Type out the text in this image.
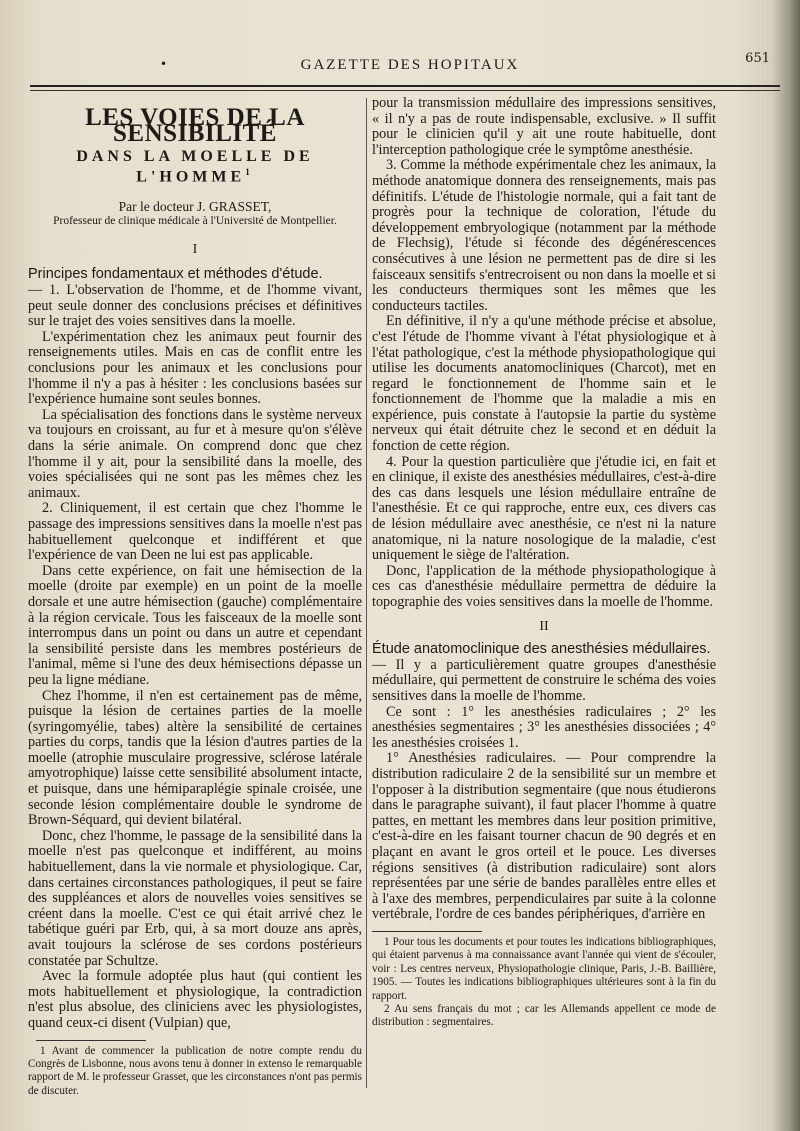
•	GAZETTE DES HOPITAUX	651
LES VOIES DE LA SENSIBILITÉ
DANS LA MOELLE DE L'HOMME$^1$
Par le docteur J. GRASSET,
Professeur de clinique médicale à l'Université de Montpellier.
I

Principes fondamentaux et méthodes d'étude.

— 1. L'observation de l'homme, et de l'homme vivant, peut seule donner des conclusions précises et définitives sur le trajet des voies sensitives dans la moelle.

L'expérimentation chez les animaux peut fournir des renseignements utiles. Mais en cas de conflit entre les conclusions pour les animaux et les conclusions pour l'homme il n'y a pas à hésiter : les conclusions basées sur l'expérience humaine sont seules bonnes.

La spécialisation des fonctions dans le système nerveux va toujours en croissant, au fur et à mesure qu'on s'élève dans la série animale. On comprend donc que chez l'homme il y ait, pour la sensibilité dans la moelle, des voies spécialisées qui ne sont pas les mêmes chez les animaux.

2. Cliniquement, il est certain que chez l'homme le passage des impressions sensitives dans la moelle n'est pas habituellement quelconque et indifférent et que l'expérience de van Deen ne lui est pas applicable.

Dans cette expérience, on fait une hémisection de la moelle (droite par exemple) en un point de la moelle dorsale et une autre hémisection (gauche) complémentaire à la région cervicale. Tous les faisceaux de la moelle sont interrompus dans un point ou dans un autre et cependant la sensibilité persiste dans les membres postérieurs de l'animal, même si l'une des deux hémisections dépasse un peu la ligne médiane.

Chez l'homme, il n'en est certainement pas de même, puisque la lésion de certaines parties de la moelle (syringomyélie, tabes) altère la sensibilité de certaines parties du corps, tandis que la lésion d'autres parties de la moelle (atrophie musculaire progressive, sclérose latérale amyotrophique) laisse cette sensibilité absolument intacte, et puisque, dans une hémiparaplégie spinale croisée, une seconde lésion complémentaire double le syndrome de Brown-Séquard, qui devient bilatéral.

Donc, chez l'homme, le passage de la sensibilité dans la moelle n'est pas quelconque et indifférent, au moins habituellement, dans la vie normale et physiologique. Car, dans certaines circonstances pathologiques, il peut se faire des suppléances et alors de nouvelles voies sensitives se créent dans la moelle. C'est ce qui était arrivé chez le tabétique guéri par Erb, qui, à sa mort douze ans après, avait toujours la sclérose de ses cordons postérieurs constatée par Schultze.

Avec la formule adoptée plus haut (qui contient les mots habituellement et physiologique, la contradiction n'est plus absolue, des cliniciens avec les physiologistes, quand ceux-ci disent (Vulpian) que,

1 Avant de commencer la publication de notre compte rendu du Congrès de Lisbonne, nous avons tenu à donner in extenso le remarquable rapport de M. le professeur Grasset, que les circonstances n'ont pas permis de discuter.

pour la transmission médullaire des impressions sensitives, « il n'y a pas de route indispensable, exclusive. » Il suffit pour le clinicien qu'il y ait une route habituelle, dont l'interception pathologique crée le symptôme anesthésie.

3. Comme la méthode expérimentale chez les animaux, la méthode anatomique donnera des renseignements, mais pas définitifs. L'étude de l'histologie normale, qui a fait tant de progrès pour la technique de coloration, l'étude du développement embryologique (notamment par la méthode de Flechsig), l'étude si féconde des dégénérescences consécutives à une lésion ne permettent pas de dire si les faisceaux sensitifs s'entrecroisent ou non dans la moelle et si les conducteurs thermiques sont les mêmes que les conducteurs tactiles.

En définitive, il n'y a qu'une méthode précise et absolue, c'est l'étude de l'homme vivant à l'état physiologique et à l'état pathologique, c'est la méthode physiopathologique qui utilise les documents anatomocliniques (Charcot), met en regard le fonctionnement de l'homme sain et le fonctionnement de l'homme que la maladie a mis en expérience, puis constate à l'autopsie la partie du système nerveux qui était détruite chez le second et en déduit la fonction de cette région.

4. Pour la question particulière que j'étudie ici, en fait et en clinique, il existe des anesthésies médullaires, c'est-à-dire des cas dans lesquels une lésion médullaire entraîne de l'anesthésie. Et ce qui rapproche, entre eux, ces divers cas de lésion médullaire avec anesthésie, ce n'est ni la nature anatomique, ni la nature nosologique de la maladie, c'est uniquement le siège de l'altération.

Donc, l'application de la méthode physiopathologique à ces cas d'anesthésie médullaire permettra de déduire la topographie des voies sensitives dans la moelle de l'homme.

II

Étude anatomoclinique des anesthésies médullaires.

— Il y a particulièrement quatre groupes d'anesthésie médullaire, qui permettent de construire le schéma des voies sensitives dans la moelle de l'homme.

Ce sont : 1° les anesthésies radiculaires ; 2° les anesthésies segmentaires ; 3° les anesthésies dissociées ; 4° les anesthésies croisées 1.

1° Anesthésies radiculaires. — Pour comprendre la distribution radiculaire 2 de la sensibilité sur un membre et l'opposer à la distribution segmentaire (que nous étudierons dans le paragraphe suivant), il faut placer l'homme à quatre pattes, en mettant les membres dans leur position primitive, c'est-à-dire en les faisant tourner chacun de 90 degrés et en plaçant en avant le gros orteil et le pouce. Les diverses régions sensitives (à distribution radiculaire) sont alors représentées par une série de bandes parallèles entre elles et à l'axe des membres, perpendiculaires par suite à la colonne vertébrale, l'ordre de ces bandes périphériques, d'arrière en

1 Pour tous les documents et pour toutes les indications bibliographiques, qui étaient parvenus à ma connaissance avant l'année qui vient de s'écouler, voir : Les centres nerveux, Physiopathologie clinique, Paris, J.-B. Baillière, 1905. — Toutes les indications bibliographiques ultérieures sont à la fin du rapport.

2 Au sens français du mot ; car les Allemands appellent ce mode de distribution : segmentaires.
